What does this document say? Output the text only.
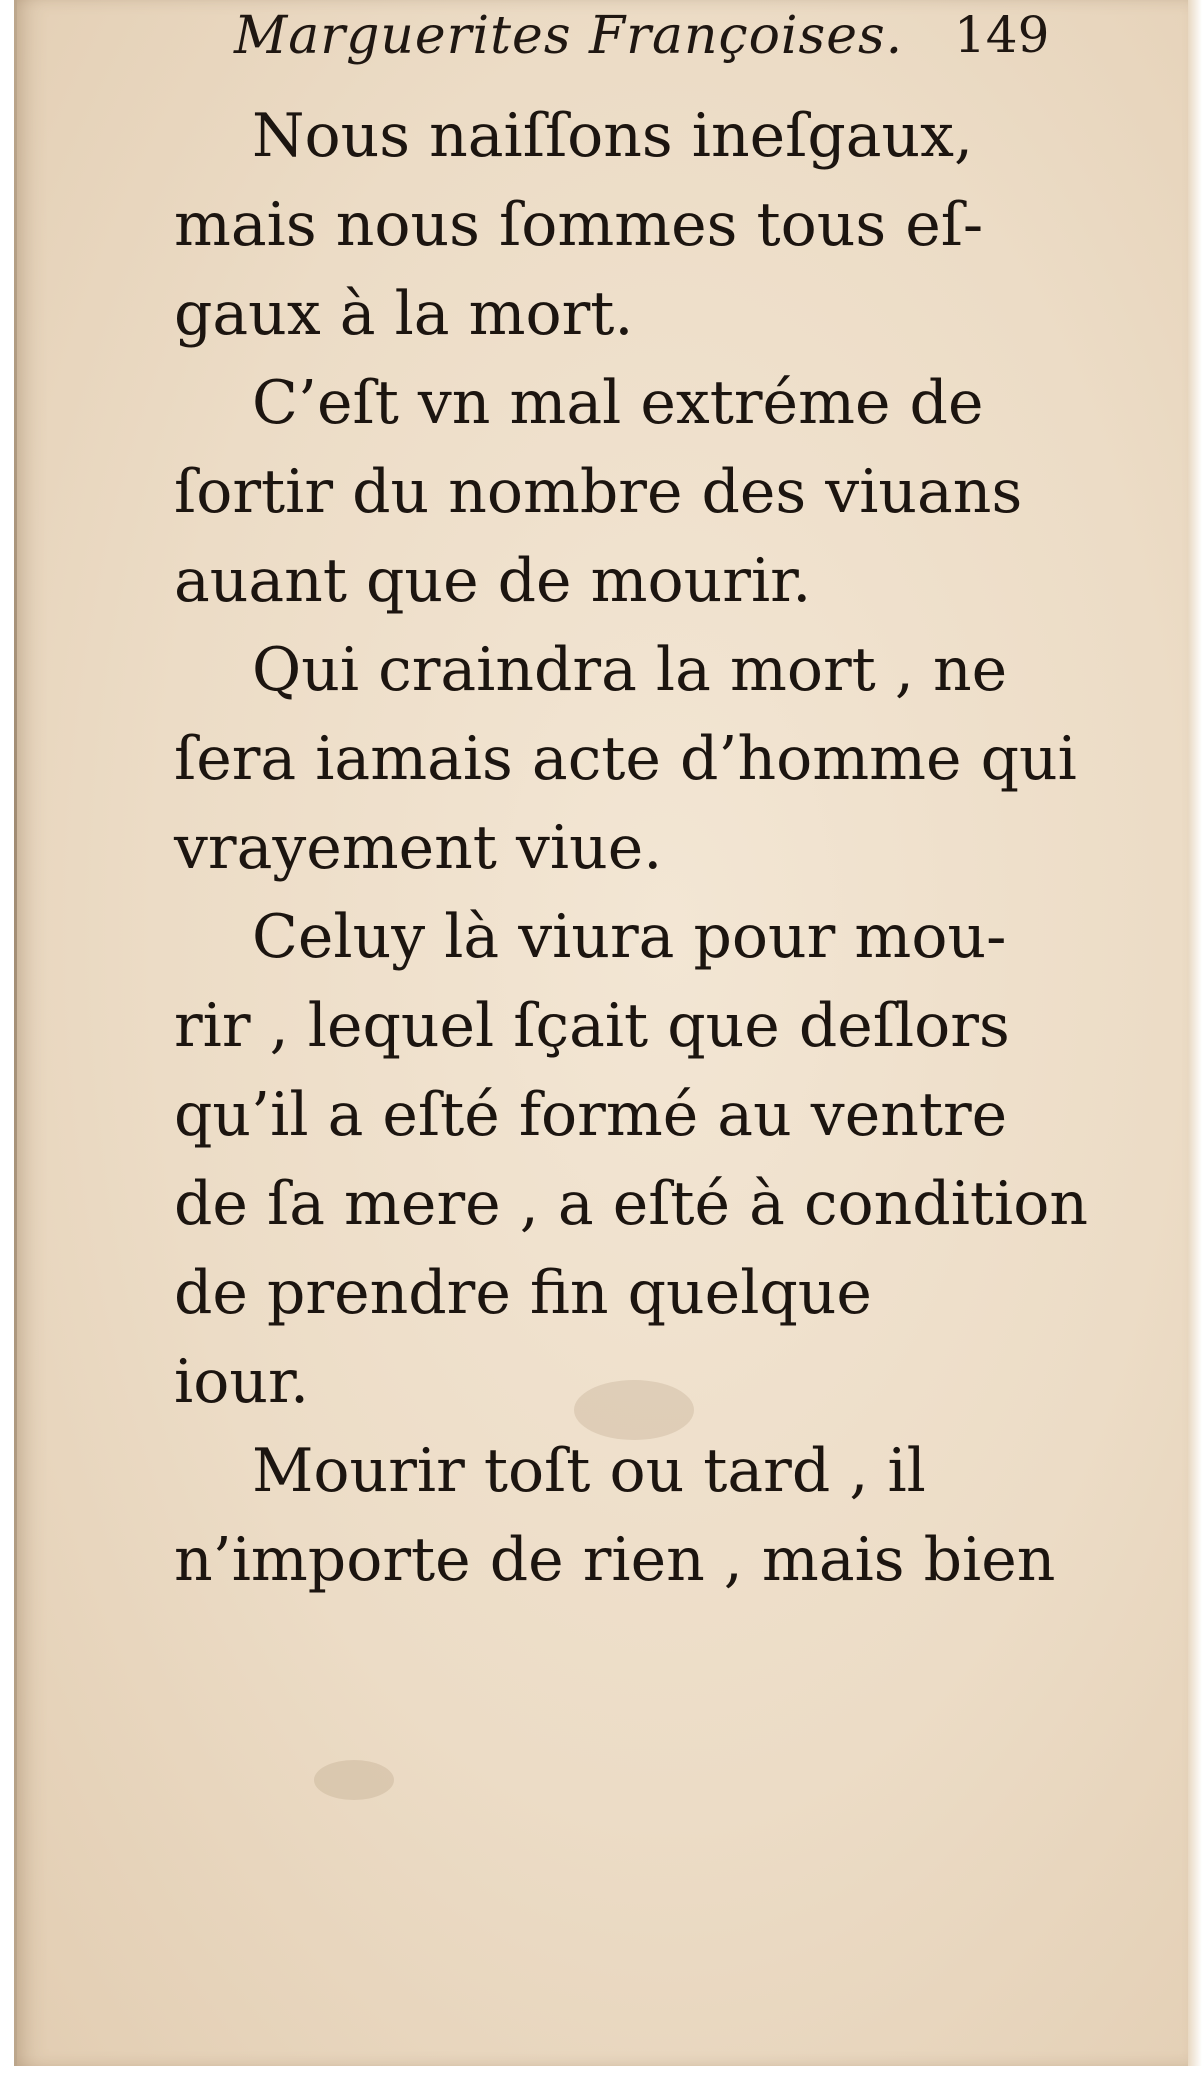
Marguerites Françoises. 149
Nous naiſſons ineſgaux,
mais nous ſommes tous eſ-
gaux à la mort.
C’eſt vn mal extréme de
ſortir du nombre des viuans
auant que de mourir.
Qui craindra la mort , ne
ſera iamais acte d’homme qui
vrayement viue.
Celuy là viura pour mou-
rir , lequel ſçait que deſlors
qu’il a eſté formé au ventre
de ſa mere , a eſté à condition
de prendre fin quelque
iour.
Mourir toſt ou tard , il
n’importe de rien , mais bien
